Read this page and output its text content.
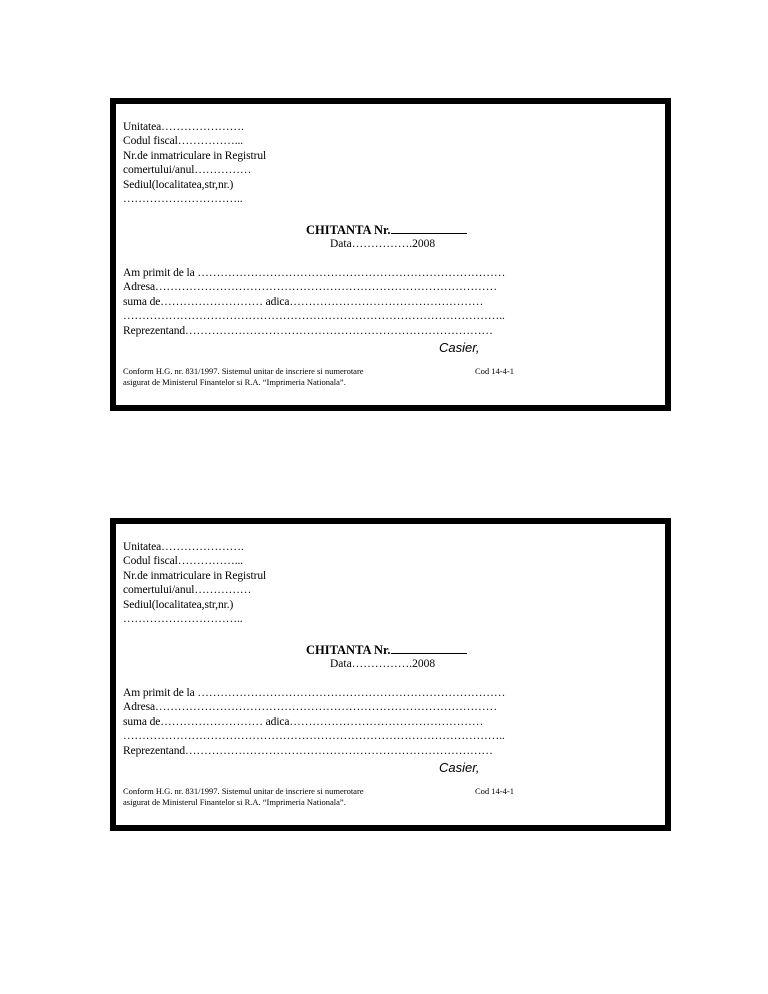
Unitatea………………….
Codul fiscal……………...
Nr.de inmatriculare in Registrul
comertului/anul……………
Sediul(localitatea,str,nr.)
…………………………..
CHITANTA Nr.
Data…………….2008
Am primit de la ………………………………………………………………………
Adresa………………………………………………………………………………
suma de……………………… adica……………………………………………
………………………………………………………………………………………..
Reprezentand………………………………………………………………………
Casier,
Conform H.G. nr. 831/1997. Sistemul unitar de inscriere si numerotare
asigurat de Ministerul Finantelor si R.A. “Imprimeria Nationala”.
Cod 14-4-1
Unitatea………………….
Codul fiscal……………...
Nr.de inmatriculare in Registrul
comertului/anul……………
Sediul(localitatea,str,nr.)
…………………………..
CHITANTA Nr.
Data…………….2008
Am primit de la ………………………………………………………………………
Adresa………………………………………………………………………………
suma de……………………… adica……………………………………………
………………………………………………………………………………………..
Reprezentand………………………………………………………………………
Casier,
Conform H.G. nr. 831/1997. Sistemul unitar de inscriere si numerotare
asigurat de Ministerul Finantelor si R.A. “Imprimeria Nationala”.
Cod 14-4-1
